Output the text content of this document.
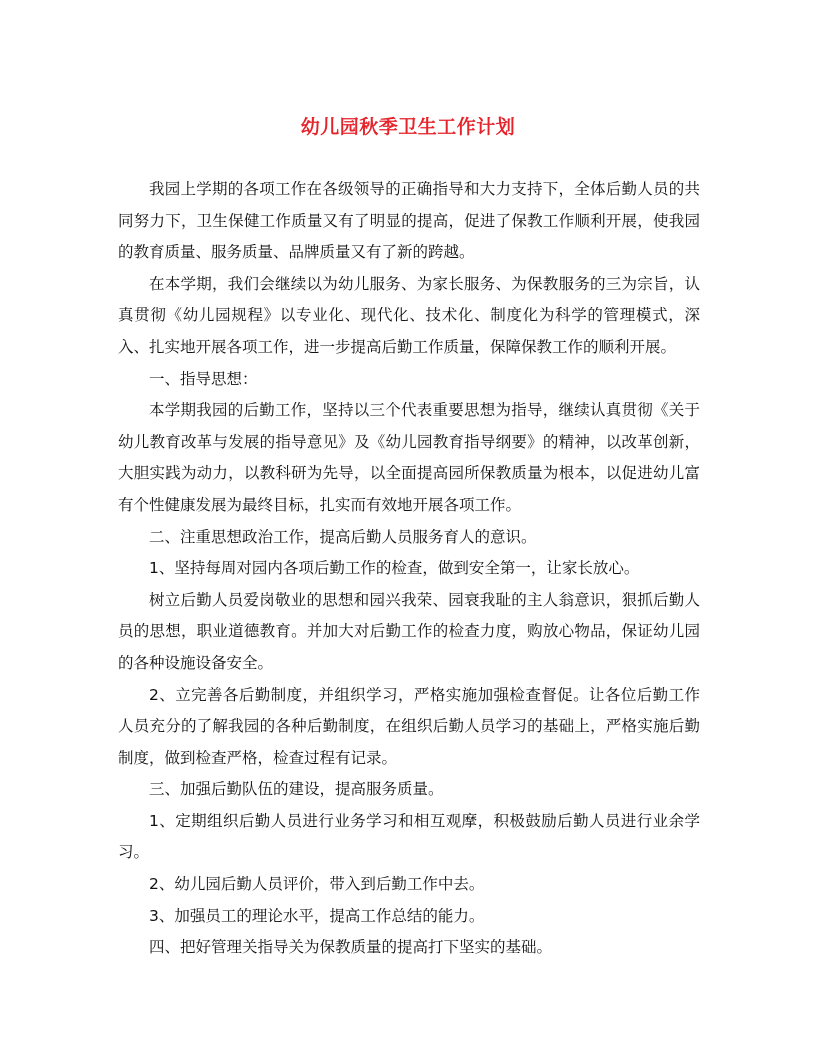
幼儿园秋季卫生工作计划

我园上学期的各项工作在各级领导的正确指导和大力支持下，全体后勤人员的共同努力下，卫生保健工作质量又有了明显的提高，促进了保教工作顺利开展，使我园的教育质量、服务质量、品牌质量又有了新的跨越。

在本学期，我们会继续以为幼儿服务、为家长服务、为保教服务的三为宗旨，认真贯彻《幼儿园规程》以专业化、现代化、技术化、制度化为科学的管理模式，深入、扎实地开展各项工作，进一步提高后勤工作质量，保障保教工作的顺利开展。

一、指导思想：

本学期我园的后勤工作，坚持以三个代表重要思想为指导，继续认真贯彻《关于幼儿教育改革与发展的指导意见》及《幼儿园教育指导纲要》的精神，以改革创新，大胆实践为动力，以教科研为先导，以全面提高园所保教质量为根本，以促进幼儿富有个性健康发展为最终目标，扎实而有效地开展各项工作。

二、注重思想政治工作，提高后勤人员服务育人的意识。

1、坚持每周对园内各项后勤工作的检查，做到安全第一，让家长放心。

树立后勤人员爱岗敬业的思想和园兴我荣、园衰我耻的主人翁意识，狠抓后勤人员的思想，职业道德教育。并加大对后勤工作的检查力度，购放心物品，保证幼儿园的各种设施设备安全。

2、立完善各后勤制度，并组织学习，严格实施加强检查督促。让各位后勤工作人员充分的了解我园的各种后勤制度，在组织后勤人员学习的基础上，严格实施后勤制度，做到检查严格，检查过程有记录。

三、加强后勤队伍的建设，提高服务质量。

1、定期组织后勤人员进行业务学习和相互观摩，积极鼓励后勤人员进行业余学习。

2、幼儿园后勤人员评价，带入到后勤工作中去。

3、加强员工的理论水平，提高工作总结的能力。

四、把好管理关指导关为保教质量的提高打下坚实的基础。
